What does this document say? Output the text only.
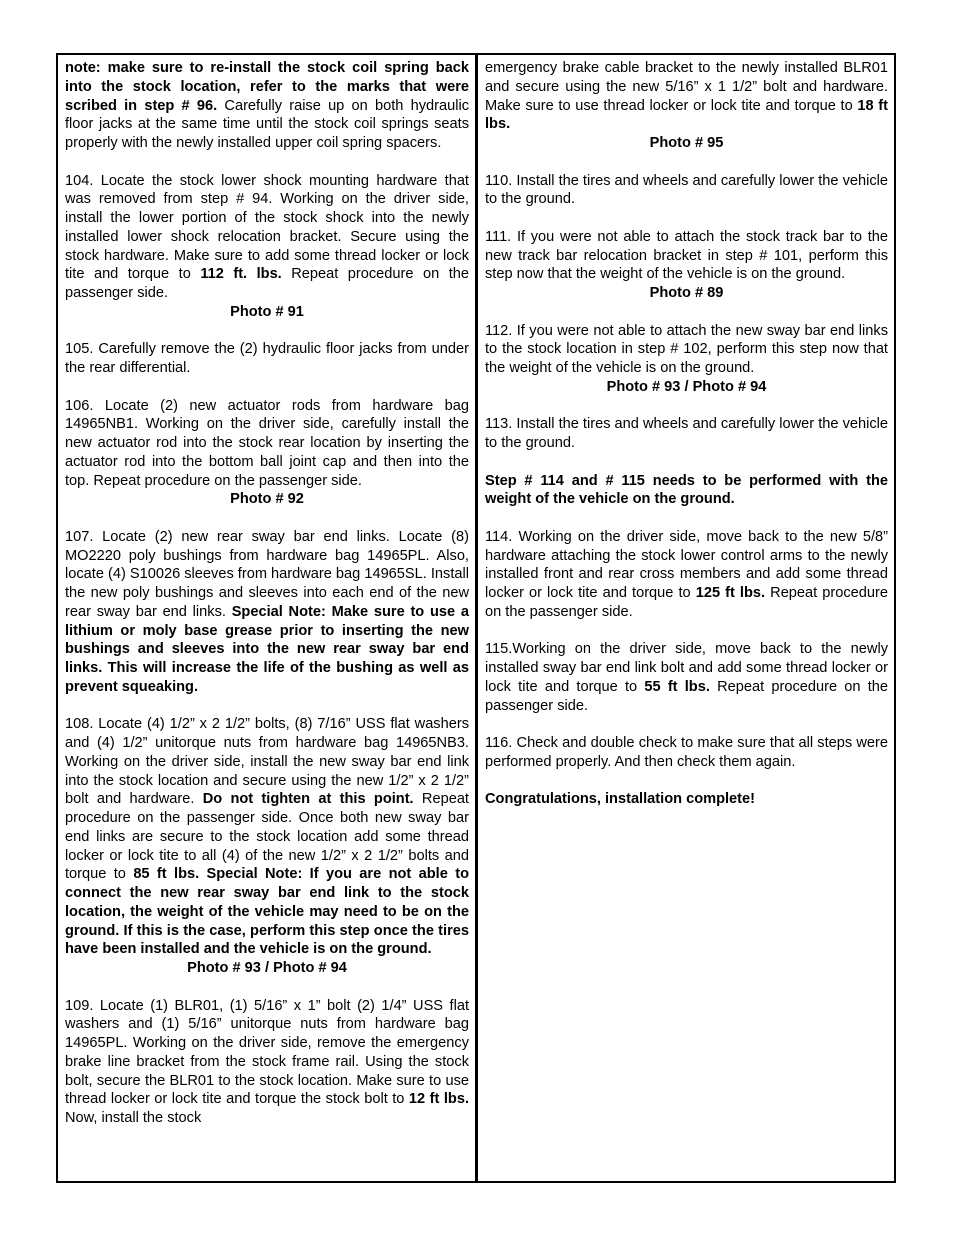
note: make sure to re-install the stock coil spring back into the stock location, refer to the marks that were scribed in step # 96. Carefully raise up on both hydraulic floor jacks at the same time until the stock coil springs seats properly with the newly installed upper coil spring spacers.

104. Locate the stock lower shock mounting hardware that was removed from step # 94. Working on the driver side, install the lower portion of the stock shock into the newly installed lower shock relocation bracket. Secure using the stock hardware. Make sure to add some thread locker or lock tite and torque to 112 ft. lbs. Repeat procedure on the passenger side.
Photo # 91

105. Carefully remove the (2) hydraulic floor jacks from under the rear differential.

106. Locate (2) new actuator rods from hardware bag 14965NB1. Working on the driver side, carefully install the new actuator rod into the stock rear location by inserting the actuator rod into the bottom ball joint cap and then into the top. Repeat procedure on the passenger side.
Photo # 92

107. Locate (2) new rear sway bar end links. Locate (8) MO2220 poly bushings from hardware bag 14965PL. Also, locate (4) S10026 sleeves from hardware bag 14965SL. Install the new poly bushings and sleeves into each end of the new rear sway bar end links. Special Note: Make sure to use a lithium or moly base grease prior to inserting the new bushings and sleeves into the new rear sway bar end links. This will increase the life of the bushing as well as prevent squeaking.

108. Locate (4) 1/2” x 2 1/2” bolts, (8) 7/16” USS flat washers and (4) 1/2” unitorque nuts from hardware bag 14965NB3. Working on the driver side, install the new sway bar end link into the stock location and secure using the new 1/2” x 2 1/2” bolt and hardware. Do not tighten at this point. Repeat procedure on the passenger side. Once both new sway bar end links are secure to the stock location add some thread locker or lock tite to all (4) of the new 1/2” x 2 1/2” bolts and torque to 85 ft lbs. Special Note: If you are not able to connect the new rear sway bar end link to the stock location, the weight of the vehicle may need to be on the ground. If this is the case, perform this step once the tires have been installed and the vehicle is on the ground.
Photo # 93 / Photo # 94

109. Locate (1) BLR01, (1) 5/16” x 1” bolt (2) 1/4” USS flat washers and (1) 5/16” unitorque nuts from hardware bag 14965PL. Working on the driver side, remove the emergency brake line bracket from the stock frame rail. Using the stock bolt, secure the BLR01 to the stock location. Make sure to use thread locker or lock tite and torque the stock bolt to 12 ft lbs. Now, install the stock

emergency brake cable bracket to the newly installed BLR01 and secure using the new 5/16” x 1 1/2” bolt and hardware. Make sure to use thread locker or lock tite and torque to 18 ft lbs.
Photo # 95

110. Install the tires and wheels and carefully lower the vehicle to the ground.

111. If you were not able to attach the stock track bar to the new track bar relocation bracket in step # 101, perform this step now that the weight of the vehicle is on the ground.
Photo # 89

112. If you were not able to attach the new sway bar end links to the stock location in step # 102, perform this step now that the weight of the vehicle is on the ground.
Photo # 93 / Photo # 94

113. Install the tires and wheels and carefully lower the vehicle to the ground.

Step # 114 and # 115 needs to be performed with the weight of the vehicle on the ground.

114. Working on the driver side, move back to the new 5/8” hardware attaching the stock lower control arms to the newly installed front and rear cross members and add some thread locker or lock tite and torque to 125 ft lbs. Repeat procedure on the passenger side.

115.Working on the driver side, move back to the newly installed sway bar end link bolt and add some thread locker or lock tite and torque to 55 ft lbs. Repeat procedure on the passenger side.

116. Check and double check to make sure that all steps were performed properly. And then check them again.

Congratulations, installation complete!
